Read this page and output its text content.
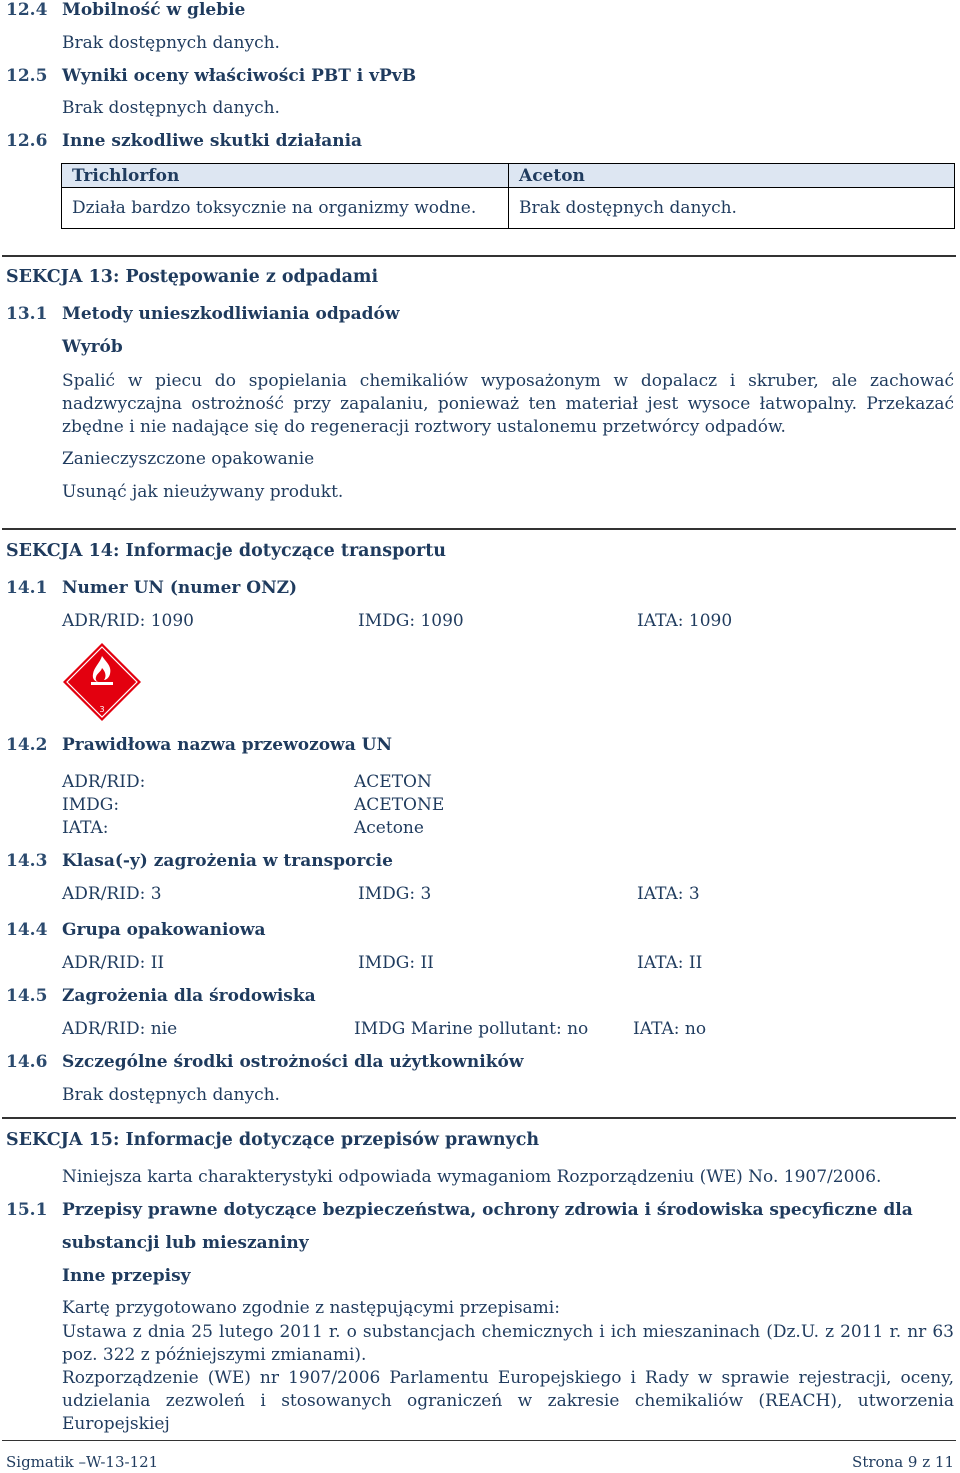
12.4 Mobilność w glebie
Brak dostępnych danych.
12.5 Wyniki oceny właściwości PBT i vPvB
Brak dostępnych danych.
12.6 Inne szkodliwe skutki działania
Trichlorfon	Aceton
Działa bardzo toksycznie na organizmy wodne.	Brak dostępnych danych.
SEKCJA 13: Postępowanie z odpadami
13.1 Metody unieszkodliwiania odpadów
Wyrób
Spalić w piecu do spopielania chemikaliów wyposażonym w dopalacz i skruber, ale zachować nadzwyczajna ostrożność przy zapalaniu, ponieważ ten materiał jest wysoce łatwopalny. Przekazać zbędne i nie nadające się do regeneracji roztwory ustalonemu przetwórcy odpadów.
Zanieczyszczone opakowanie
Usunąć jak nieużywany produkt.
SEKCJA 14: Informacje dotyczące transportu
14.1 Numer UN (numer ONZ)
ADR/RID: 1090	IMDG: 1090	IATA: 1090
3
14.2 Prawidłowa nazwa przewozowa UN
ADR/RID:	ACETON
IMDG:	ACETONE
IATA:	Acetone
14.3 Klasa(-y) zagrożenia w transporcie
ADR/RID: 3	IMDG: 3	IATA: 3
14.4 Grupa opakowaniowa
ADR/RID: II	IMDG: II	IATA: II
14.5 Zagrożenia dla środowiska
ADR/RID: nie	IMDG Marine pollutant: no	IATA: no
14.6 Szczególne środki ostrożności dla użytkowników
Brak dostępnych danych.
SEKCJA 15: Informacje dotyczące przepisów prawnych
Niniejsza karta charakterystyki odpowiada wymaganiom Rozporządzeniu (WE) No. 1907/2006.
15.1 Przepisy prawne dotyczące bezpieczeństwa, ochrony zdrowia i środowiska specyficzne dla
substancji lub mieszaniny
Inne przepisy
Kartę przygotowano zgodnie z następującymi przepisami:
Ustawa z dnia 25 lutego 2011 r. o substancjach chemicznych i ich mieszaninach (Dz.U. z 2011 r. nr 63 poz. 322 z późniejszymi zmianami).
Rozporządzenie (WE) nr 1907/2006 Parlamentu Europejskiego i Rady w sprawie rejestracji, oceny, udzielania zezwoleń i stosowanych ograniczeń w zakresie chemikaliów (REACH), utworzenia Europejskiej
Sigmatik –W-13-121	Strona 9 z 11
